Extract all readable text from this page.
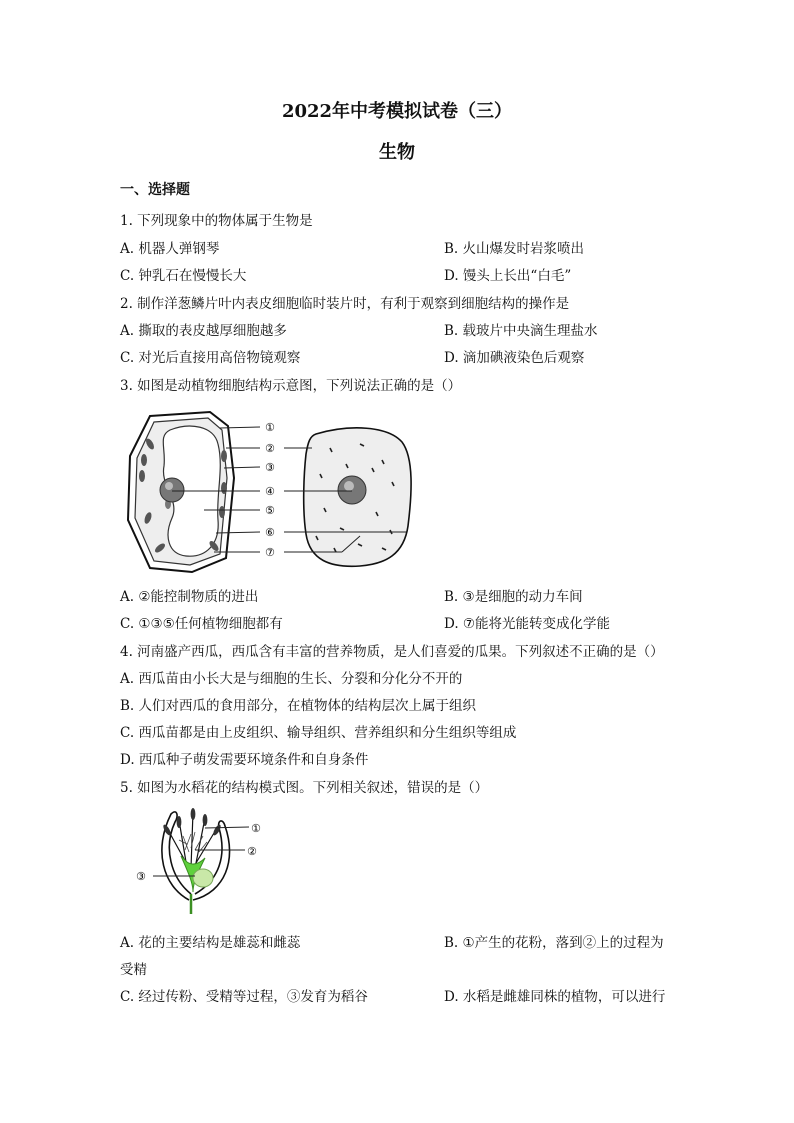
2022年中考模拟试卷（三）
生物
一、选择题
1. 下列现象中的物体属于生物是
A. 机器人弹钢琴	B. 火山爆发时岩浆喷出
C. 钟乳石在慢慢长大	D. 馒头上长出“白毛”
2. 制作洋葱鳞片叶内表皮细胞临时装片时，有利于观察到细胞结构的操作是
A. 撕取的表皮越厚细胞越多	B. 载玻片中央滴生理盐水
C. 对光后直接用高倍物镜观察	D. 滴加碘液染色后观察
3. 如图是动植物细胞结构示意图，下列说法正确的是（）
①
②
③
④
⑤
⑥
⑦
A. ②能控制物质的进出	B. ③是细胞的动力车间
C. ①③⑤任何植物细胞都有	D. ⑦能将光能转变成化学能
4. 河南盛产西瓜，西瓜含有丰富的营养物质，是人们喜爱的瓜果。下列叙述不正确的是（）
A. 西瓜苗由小长大是与细胞的生长、分裂和分化分不开的
B. 人们对西瓜的食用部分，在植物体的结构层次上属于组织
C. 西瓜苗都是由上皮组织、输导组织、营养组织和分生组织等组成
D. 西瓜种子萌发需要环境条件和自身条件
5. 如图为水稻花的结构模式图。下列相关叙述，错误的是（）
①
②
③
A. 花的主要结构是雄蕊和雌蕊	B. ①产生的花粉，落到②上的过程为
受精
C. 经过传粉、受精等过程，③发育为稻谷	D. 水稻是雌雄同株的植物，可以进行
